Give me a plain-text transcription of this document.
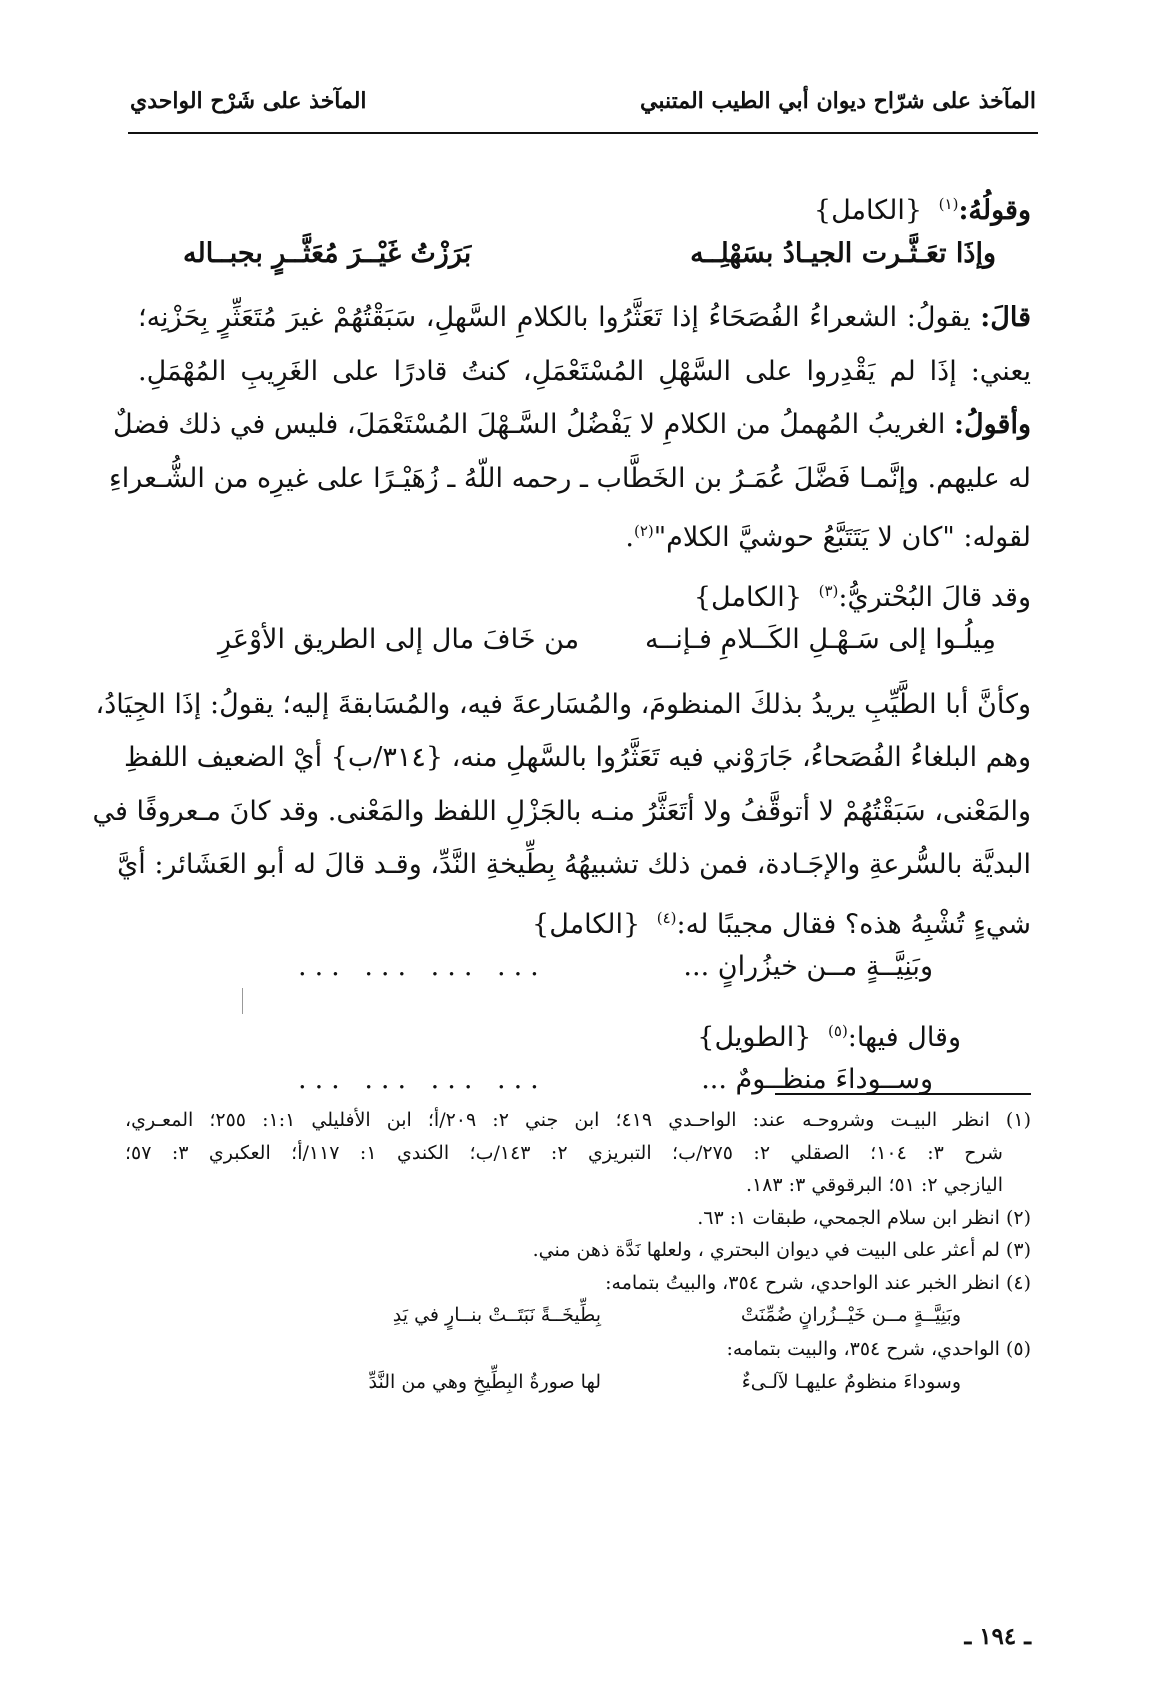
المآخذ على شرّاح ديوان أبي الطيب المتنبي
المآخذ على شَرْح الواحدي
وقولُهُ:$^{(١)}$ {الكامل}
وإذَا تعَـثَّـرت الجيـادُ بسَهْلِــه
بَرَزْتُ غَيْــرَ مُعَثَّــرٍ بجبــاله
قالَ: يقولُ: الشعراءُ الفُصَحَاءُ إذا تَعَثَّرُوا بالكلامِ السَّهلِ، سَبَقْتُهُمْ غيرَ مُتَعَثِّرٍ بِحَزْنِه؛
يعني: إذَا لم يَقْدِروا على السَّهْلِ المُسْتَعْمَلِ، كنتُ قادرًا على الغَرِيبِ المُهْمَلِ.
وأقولُ: الغريبُ المُهملُ من الكلامِ لا يَفْضُلُ السَّـهْلَ المُسْتَعْمَلَ، فليس في ذلك فضلٌ
له عليهم. وإنَّمـا فَضَّلَ عُمَـرُ بن الخَطَّاب ـ رحمه اللّهُ ـ زُهَيْـرًا على غيرِه من الشُّـعراءِ
لقوله: "كان لا يَتَتَبَّعُ حوشيَّ الكلام"$^{(٢)}$.
وقد قالَ البُحْتريُّ:$^{(٣)}$ {الكامل}
مِيلُـوا إلى سَـهْـلِ الكَــلامِ فـإنــه
من خَافَ مال إلى الطريق الأوْعَرِ
وكأنَّ أبا الطَّيِّبِ يريدُ بذلكَ المنظومَ، والمُسَارعةَ فيه، والمُسَابقةَ إليه؛ يقولُ: إذَا الجِيَادُ،
وهم البلغاءُ الفُصَحاءُ، جَارَوْني فيه تَعَثَّرُوا بالسَّهلِ منه، {٣١٤/ب} أيْ الضعيف اللفظِ
والمَعْنى، سَبَقْتُهُمْ لا أتوقَّفُ ولا أتَعَثَّرُ منـه بالجَزْلِ اللفظ والمَعْنى. وقد كانَ مـعروفًا في
البديَّة بالسُّرعةِ والإجَـادة، فمن ذلك تشبيهُهُ بِطِّيخةِ النَّدِّ، وقـد قالَ له أبو العَشَائر: أيَّ
شيءٍ تُشْبِهُ هذه؟ فقال مجيبًا له:$^{(٤)}$ {الكامل}
وبَنِيَّــةٍ مــن خيزُرانٍ ...
... ... ... ...
وقال فيها:$^{(٥)}$ {الطويل}
وســوداءَ منظــومٌ ...
... ... ... ...
(١) انظر البيـت وشروحـه عند: الواحـدي ٤١٩؛ ابن جني ٢: ٢٠٩/أ؛ ابن الأفليلي ١:١: ٢٥٥؛ المعـري،
شرح ٣: ١٠٤؛ الصقلي ٢: ٢٧٥/ب؛ التبريزي ٢: ١٤٣/ب؛ الكندي ١: ١١٧/أ؛ العكبري ٣: ٥٧؛
اليازجي ٢: ٥١؛ البرقوقي ٣: ١٨٣.
(٢) انظر ابن سلام الجمحي، طبقات ١: ٦٣.
(٣) لم أعثر على البيت في ديوان البحتري ، ولعلها نَدَّة ذهن مني.
(٤) انظر الخبر عند الواحدي، شرح ٣٥٤، والبيتُ بتمامه:
وبَنِيَّــةٍ مــن خَيْــزُرانٍ ضُمِّنَتْ
بِطِّيخَــةً نَبَتَــتْ بنــارٍ في يَدِ
(٥) الواحدي، شرح ٣٥٤، والبيت بتمامه:
وسوداءَ منظومٌ عليهـا لآلـىءٌ
لها صورةُ البِطِّيخِ وهي من النَّدِّ
ـ ١٩٤ ـ
